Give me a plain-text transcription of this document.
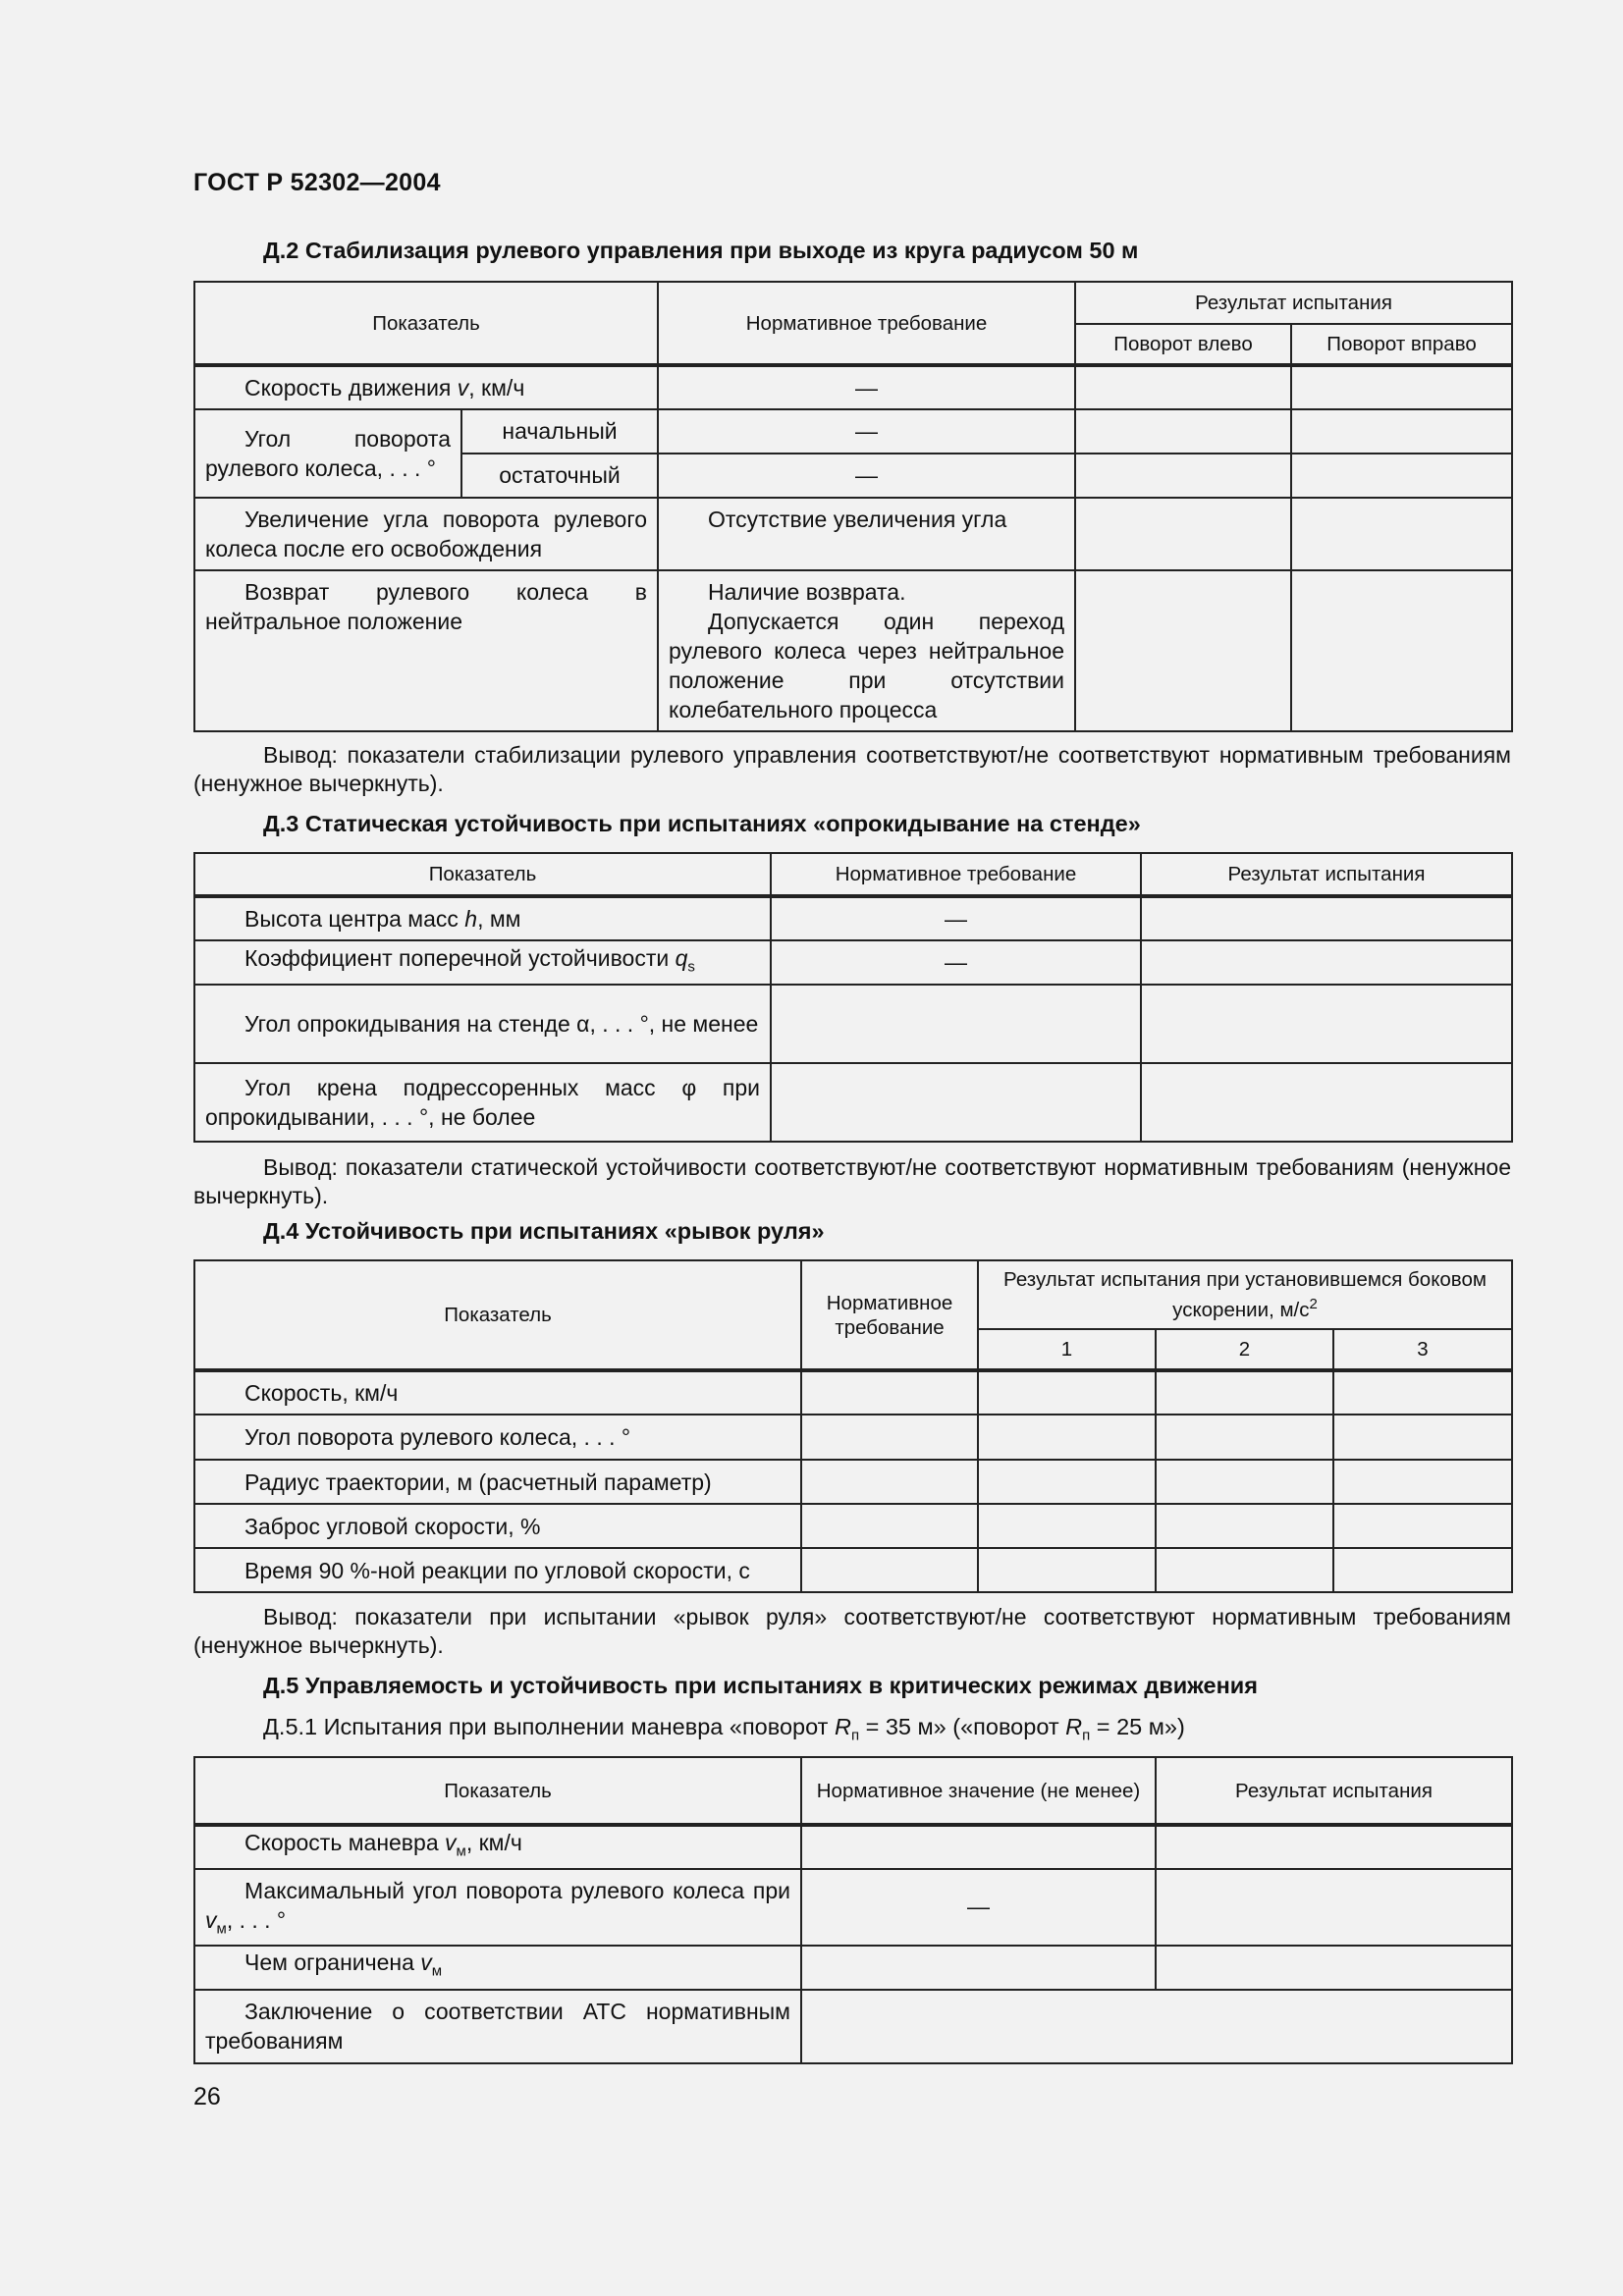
ГОСТ Р 52302—2004
Д.2 Стабилизация рулевого управления при выходе из круга радиусом 50 м
Показатель		Нормативное требование	Результат испытания	
			Поворот влево	Поворот вправо
Скорость движения v, км/ч		—		
Угол поворота рулевого колеса, . . . °	начальный	—		
	остаточный	—		
Увеличение угла поворота рулевого колеса после его освобождения		Отсутствие увеличения угла		
Возврат рулевого колеса в нейтральное положение		Наличие возврата.
Допускается один переход рулевого колеса через нейтральное положение при отсутствии колебательного процесса		

Вывод: показатели стабилизации рулевого управления соответствуют/не соответствуют нормативным требованиям (ненужное вычеркнуть).
Д.3 Статическая устойчивость при испытаниях «опрокидывание на стенде»
Показатель	Нормативное требование	Результат испытания
Высота центра масс h, мм	—	
Коэффициент поперечной устойчивости $q_s$	—	
Угол опрокидывания на стенде α, . . . °, не менее		
Угол крена подрессоренных масс φ при опрокидывании, . . . °, не более		
Вывод: показатели статической устойчивости соответствуют/не соответствуют нормативным требованиям (ненужное вычеркнуть).
Д.4 Устойчивость при испытаниях «рывок руля»
Показатель	Нормативное требование	Результат испытания при установившемся боковом ускорении, $м/с^2$
		1	2	3
Скорость, км/ч				
Угол поворота рулевого колеса, . . . °				
Радиус траектории, м (расчетный параметр)				
Заброс угловой скорости, %				
Время 90 %-ной реакции по угловой скорости, с				
Вывод: показатели при испытании «рывок руля» соответствуют/не соответствуют нормативным требованиям (ненужное вычеркнуть).
Д.5 Управляемость и устойчивость при испытаниях в критических режимах движения
Д.5.1 Испытания при выполнении маневра «поворот $R_п = 35$ м» («поворот $R_п = 25$ м»)
Показатель	Нормативное значение (не менее)	Результат испытания
Скорость маневра $v_м$, км/ч		
Максимальный угол поворота рулевого колеса при $v_м$, . . . °	—	
Чем ограничена $v_м$		
Заключение о соответствии АТС нормативным требованиям		
26
